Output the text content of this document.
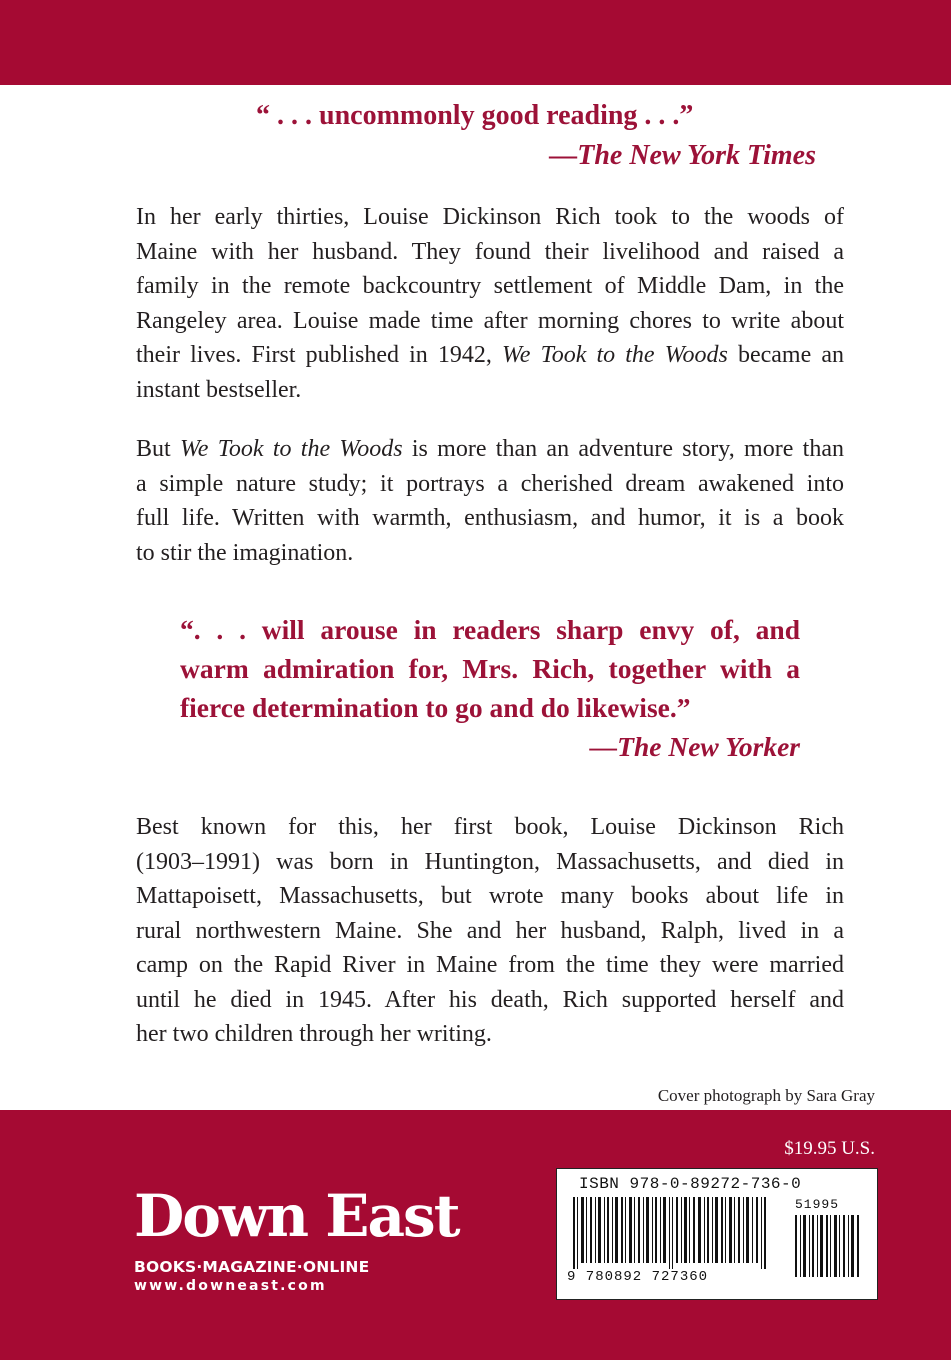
“ . . . uncommonly good reading . . .”
—The New York Times
In her early thirties, Louise Dickinson Rich took to the woods of
Maine with her husband. They found their livelihood and raised a
family in the remote backcountry settlement of Middle Dam, in the
Rangeley area. Louise made time after morning chores to write about
their lives. First published in 1942, We Took to the Woods became an
instant bestseller.
But We Took to the Woods is more than an adventure story, more than
a simple nature study; it portrays a cherished dream awakened into
full life. Written with warmth, enthusiasm, and humor, it is a book
to stir the imagination.
“. . . will arouse in readers sharp envy of, and
warm admiration for, Mrs. Rich, together with a
fierce determination to go and do likewise.”
—The New Yorker
Best known for this, her first book, Louise Dickinson Rich
(1903–1991) was born in Huntington, Massachusetts, and died in
Mattapoisett, Massachusetts, but wrote many books about life in
rural northwestern Maine. She and her husband, Ralph, lived in a
camp on the Rapid River in Maine from the time they were married
until he died in 1945. After his death, Rich supported herself and
her two children through her writing.
Cover photograph by Sara Gray
$19.95 U.S.
Down East
BOOKS·MAGAZINE·ONLINE
www.downeast.com
ISBN 978-0-89272-736-0
51995
9 780892 727360
